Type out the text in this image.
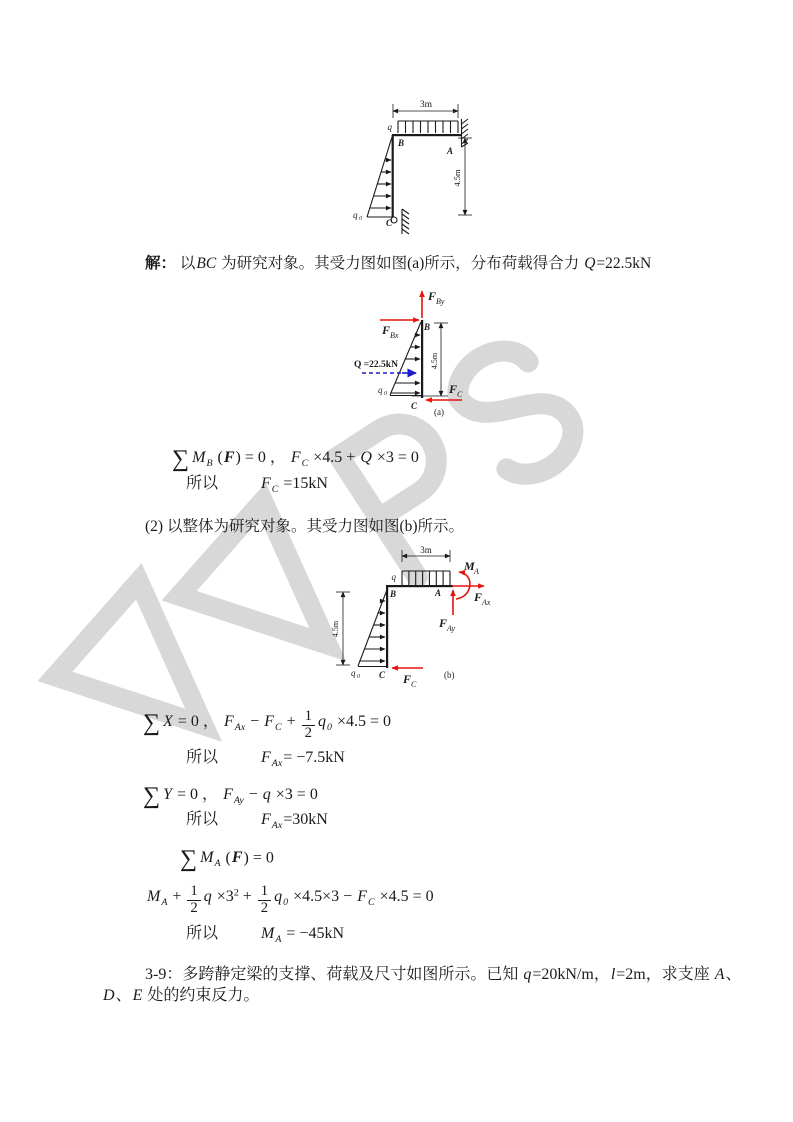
3m
q
B
A
4.5m
q 0	C
F By
F Bx
B
Q =22.5kN
q 0
C
4.5m
F C
(a)
3m
q
B	A
M A
F Ax
F Ay
4.5m
q 0 C F C
(b)
解： 以BC 为研究对象。其受力图如图(a)所示，分布荷载得合力 Q=22.5kN
∑ $M_B$ (F) = 0 ， $F_C \times 4.5 + Q \times 3 = 0$
所以	$F_C =15kN$
(2) 以整体为研究对象。其受力图如图(b)所示。
∑ X = 0 ， $F_{Ax} - F_C + \frac{1}{2} q_0 \times 4.5 = 0$
所以	$F_{Ax}= -7.5kN$
∑ Y = 0 ， $F_{Ay} - q \times 3 = 0$
所以	$F_{Ax}=30kN$
∑ $M_A$ (F) = 0
$M_A + \frac{1}{2}$ $q \times 3^2 + \frac{1}{2} q_0 \times 4.5\times 3 - F_C \times 4.5 = 0$
所以	$M_A = -45kN$
3-9：多跨静定梁的支撑、荷载及尺寸如图所示。已知 q=20kN/m，l=2m，求支座 A、
D、E 处的约束反力。
